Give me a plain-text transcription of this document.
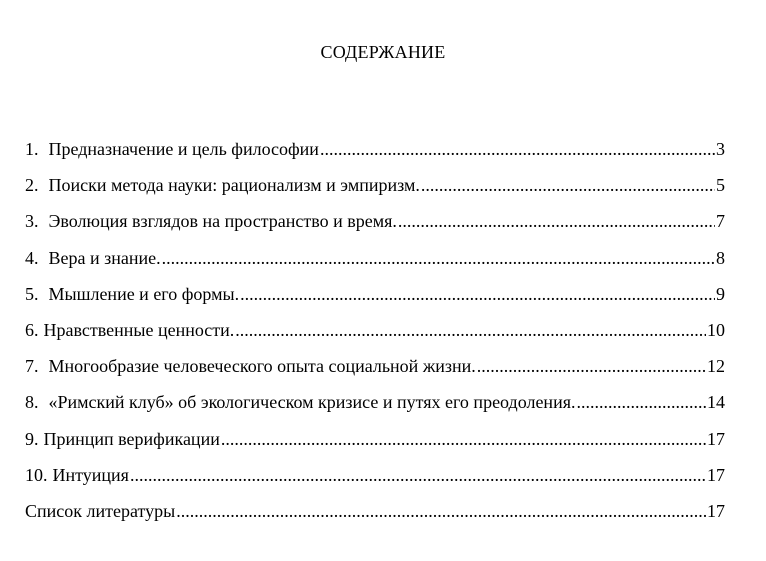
СОДЕРЖАНИЕ
1. Предназначение и цель философии .....	3
2. Поиски метода науки: рационализм и эмпиризм. .....	5
3. Эволюция взглядов на пространство и время. .....	7
4. Вера и знание. .....	8
5. Мышление и его формы. .....	9
6. Нравственные ценности. .....	10
7. Многообразие человеческого опыта социальной жизни. .....	12
8. «Римский клуб» об экологическом кризисе и путях его преодоления. .....	14
9. Принцип верификации .....	17
10. Интуиция .....	17
Список литературы .....	17
